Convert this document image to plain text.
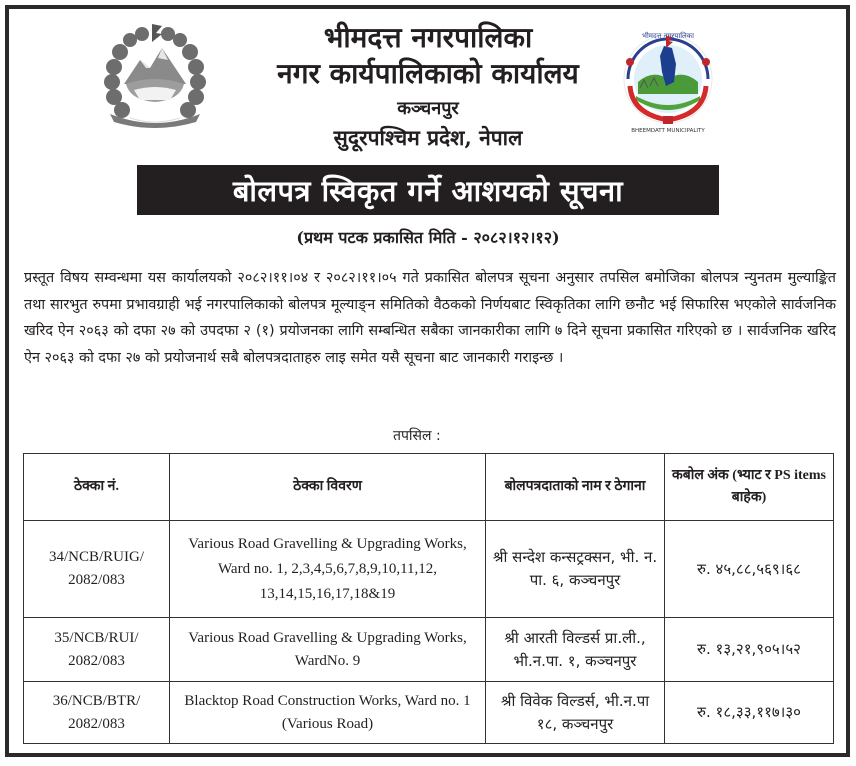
भीमदत्त नगरपालिका
BHEEMDATT MUNICIPALITY
भीमदत्त नगरपालिका
नगर कार्यपालिकाको कार्यालय
कञ्चनपुर
सुदूरपश्चिम प्रदेश, नेपाल
बोलपत्र स्विकृत गर्ने आशयको सूचना
(प्रथम पटक प्रकासित मिति - २०८२।१२।१२)

प्रस्तूत विषय सम्वन्धमा यस कार्यालयको २०८२।११।०४ र २०८२।११।०५ गते प्रकासित बोलपत्र सूचना अनुसार तपसिल बमोजिका बोलपत्र न्युनतम मुल्याङ्कित तथा सारभुत रुपमा प्रभावग्राही भई नगरपालिकाको बोलपत्र मूल्याङ्न समितिको वैठकको निर्णयबाट स्विकृतिका लागि छनौट भई सिफारिस भएकोले सार्वजनिक खरिद ऐन २०६३ को दफा २७ को उपदफा २ (१) प्रयोजनका लागि सम्बन्धित सबैका जानकारीका लागि ७ दिने सूचना प्रकासित गरिएको छ । सार्वजनिक खरिद ऐन २०६३ को दफा २७ को प्रयोजनार्थ सबै बोलपत्रदाताहरु लाइ समेत यसै सूचना बाट जानकारी गराइन्छ ।

तपसिल :
ठेक्का नं.	ठेक्का विवरण	बोलपत्रदाताको नाम र ठेगाना	कबोल अंक (भ्याट र PS items बाहेक)
34/NCB/RUIG/ 2082/083	Various Road Gravelling & Upgrading Works, Ward no. 1, 2,3,4,5,6,7,8,9,10,11,12, 13,14,15,16,17,18&19	श्री सन्देश कन्सट्रक्सन, भी. न. पा. ६, कञ्चनपुर	रु. ४५,८८,५६९।६८
35/NCB/RUI/ 2082/083	Various Road Gravelling & Upgrading Works, WardNo. 9	श्री आरती विल्डर्स प्रा.ली., भी.न.पा. १, कञ्चनपुर	रु. १३,२१,९०५।५२
36/NCB/BTR/ 2082/083	Blacktop Road Construction Works, Ward no. 1 (Various Road)	श्री विवेक विल्डर्स, भी.न.पा १८, कञ्चनपुर	रु. १८,३३,११७।३०
